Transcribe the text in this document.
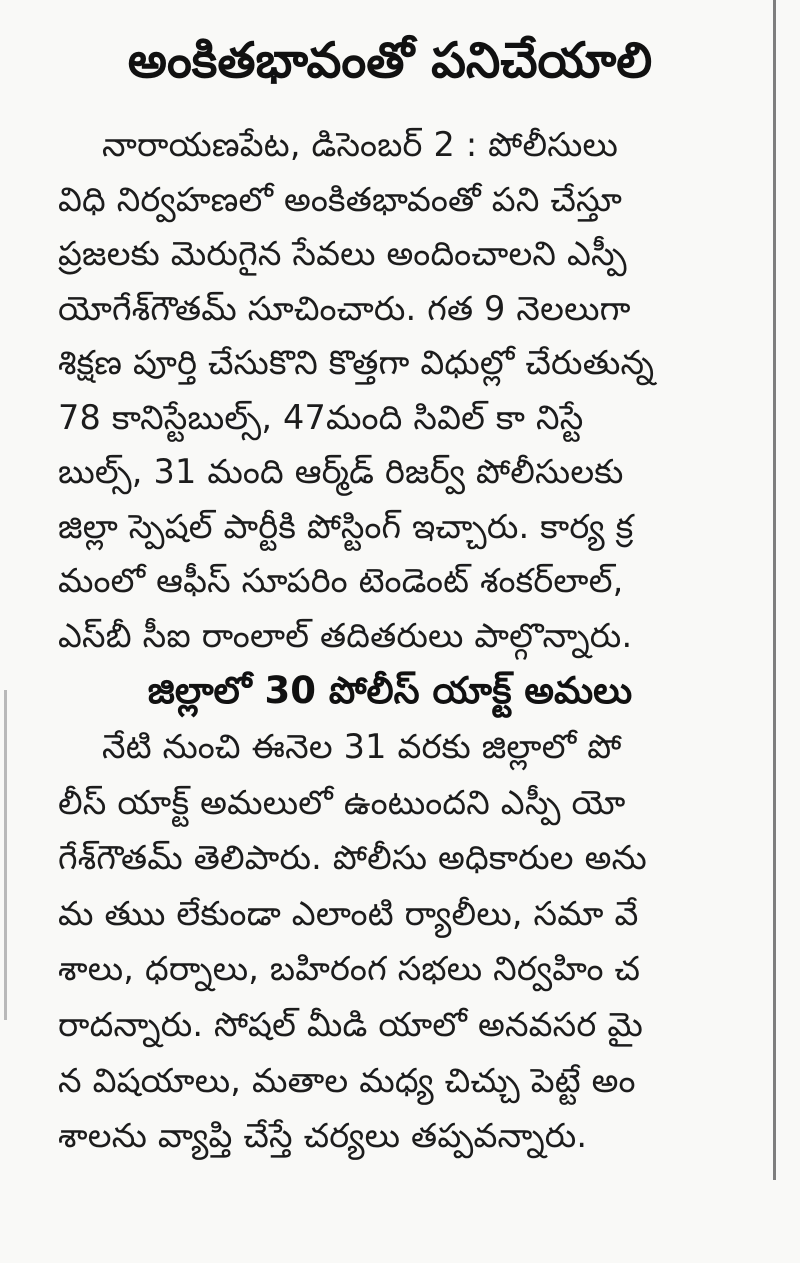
అంకితభావంతో పనిచేయాలి
నారాయణపేట, డిసెంబర్ 2 : పోలీసులు
విధి నిర్వహణలో అంకితభావంతో పని చేస్తూ
ప్రజలకు మెరుగైన సేవలు అందించాలని ఎస్పీ
యోగేశ్‌గౌతమ్ సూచించారు. గత 9 నెలలుగా
శిక్షణ పూర్తి చేసుకొని కొత్తగా విధుల్లో చేరుతున్న
78 కానిస్టేబుల్స్, 47మంది సివిల్ కా నిస్టే
బుల్స్, 31 మంది ఆర్మ్‌డ్ రిజర్వ్ పోలీసులకు
జిల్లా స్పెషల్ పార్టీకి పోస్టింగ్ ఇచ్చారు. కార్య క్ర
మంలో ఆఫీస్ సూపరిం టెండెంట్ శంకర్‌లాల్,
ఎస్‌బీ సీఐ రాంలాల్ తదితరులు పాల్గొన్నారు.
జిల్లాలో 30 పోలీస్ యాక్ట్ అమలు
నేటి నుంచి ఈనెల 31 వరకు జిల్లాలో పో
లీస్ యాక్ట్ అమలులో ఉంటుందని ఎస్పీ యో
గేశ్‌గౌతమ్ తెలిపారు. పోలీసు అధికారుల అను
మ తుుు లేకుండా ఎలాంటి ర్యాలీలు, సమా వే
శాలు, ధర్నాలు, బహిరంగ సభలు నిర్వహిం చ
రాదన్నారు. సోషల్ మీడి యాలో అనవసర మై
న విషయాలు, మతాల మధ్య చిచ్చు పెట్టే అం
శాలను వ్యాప్తి చేస్తే చర్యలు తప్పవన్నారు.
